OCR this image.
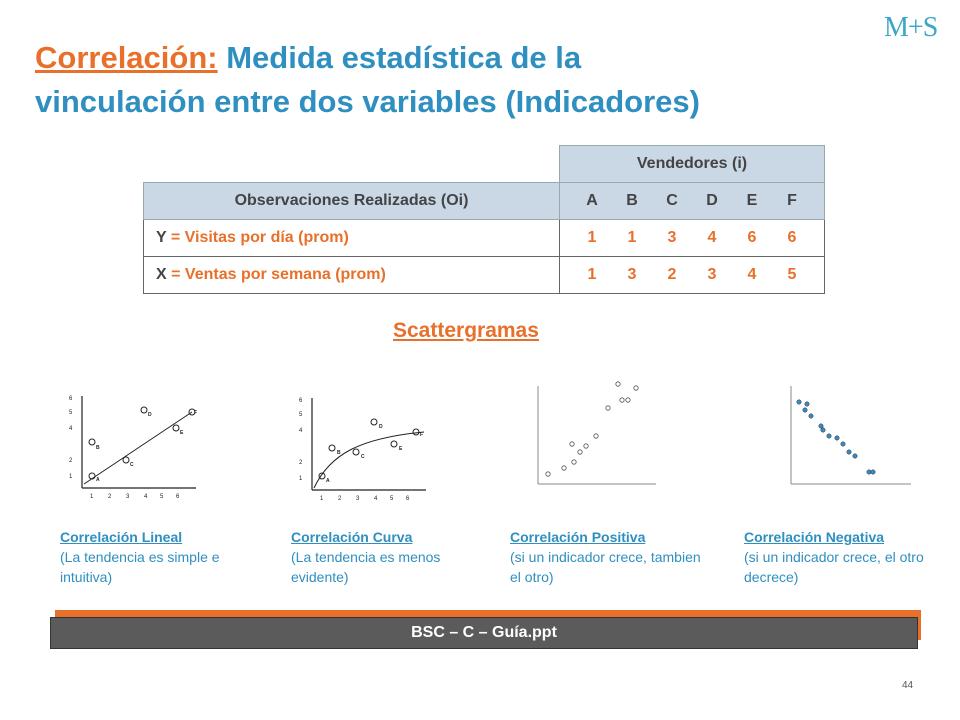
M+S
Correlación: Medida estadística de la vinculación entre dos variables (Indicadores)
	Vendedores (i)
Observaciones Realizadas (Oi)	A B C D E F
Y = Visitas por día (prom)	1 1 3 4 6 6
X = Ventas por semana (prom)	1 3 2 3 4 5
Scattergramas
6
5
4
2
1
1 2 3 4 5 6
A
B
C
D
E
F
6
5
4
2
1
1 2 3 4 5 6
A
B
C
D
E
F
Correlación Lineal
(La tendencia es simple e intuitiva)
Correlación Curva
(La tendencia es menos evidente)
Correlación Positiva
(si un indicador crece, tambien el otro)
Correlación Negativa
(si un indicador crece, el otro decrece)
BSC – C – Guía.ppt
44
